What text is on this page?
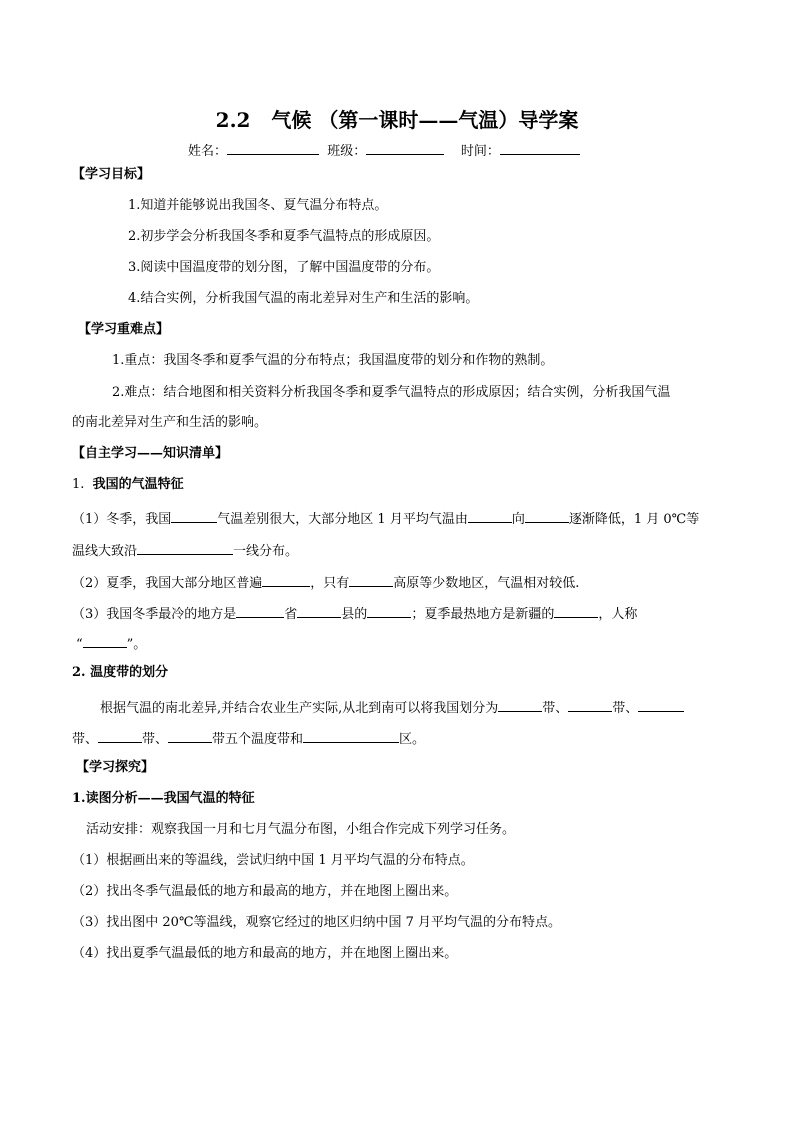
2.2   气候 （第一课时——气温）导学案
姓名：	班级：	时间：
【学习目标】
1.知道并能够说出我国冬、夏气温分布特点。
2.初步学会分析我国冬季和夏季气温特点的形成原因。
3.阅读中国温度带的划分图，了解中国温度带的分布。
4.结合实例，分析我国气温的南北差异对生产和生活的影响。
【学习重难点】
1.重点：我国冬季和夏季气温的分布特点；我国温度带的划分和作物的熟制。
2.难点：结合地图和相关资料分析我国冬季和夏季气温特点的形成原因；结合实例，分析我国气温
的南北差异对生产和生活的影响。
【自主学习——知识清单】
1. 我国的气温特征
（1）冬季，我国	气温差别很大，大部分地区 1 月平均气温由	向	逐渐降低，1 月 0℃等
温线大致沿	一线分布。
（2）夏季，我国大部分地区普遍	，只有	高原等少数地区，气温相对较低.
（3）我国冬季最冷的地方是	省	县的	；夏季最热地方是新疆的	，人称
“	”。
2. 温度带的划分
根据气温的南北差异,并结合农业生产实际,从北到南可以将我国划分为	带、	带、
带、	带、	带五个温度带和	区。
【学习探究】
1.读图分析——我国气温的特征
活动安排：观察我国一月和七月气温分布图，小组合作完成下列学习任务。
（1）根据画出来的等温线，尝试归纳中国 1 月平均气温的分布特点。
（2）找出冬季气温最低的地方和最高的地方，并在地图上圈出来。
（3）找出图中 20℃等温线，观察它经过的地区归纳中国 7 月平均气温的分布特点。
（4）找出夏季气温最低的地方和最高的地方，并在地图上圈出来。
